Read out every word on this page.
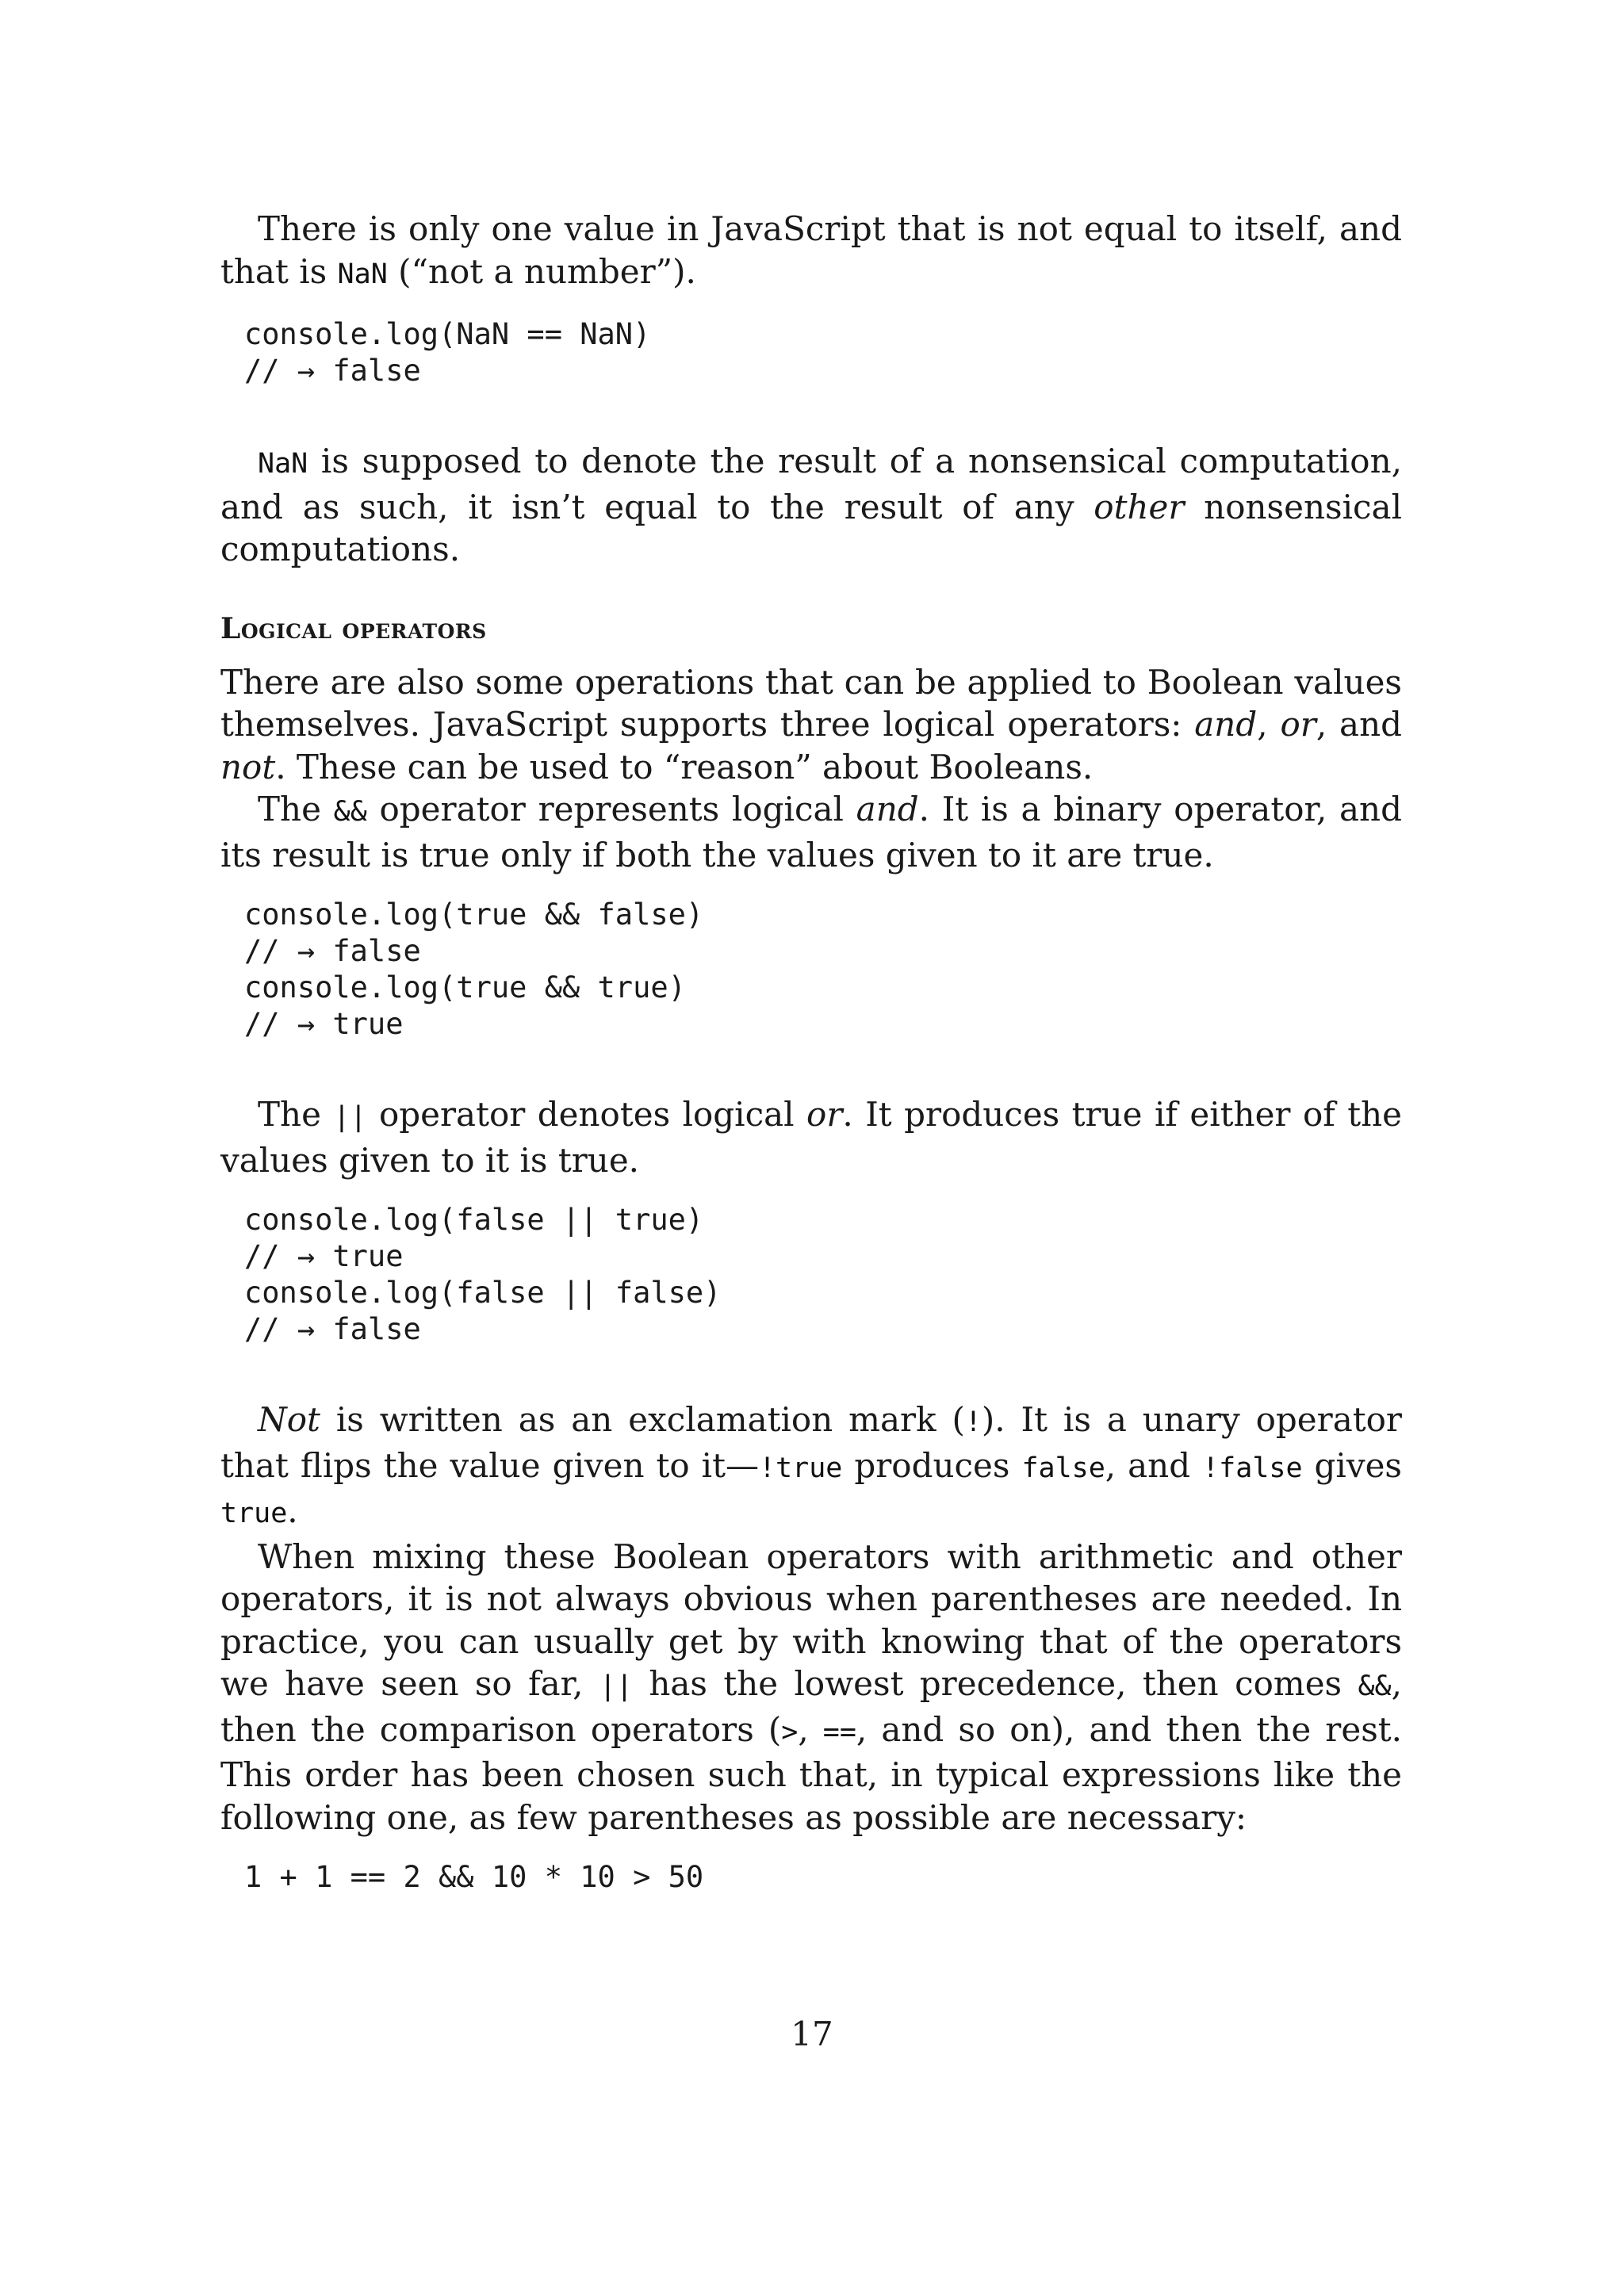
There is only one value in JavaScript that is not equal to itself, and that is NaN (“not a number”).

console.log(NaN == NaN)
// → false

NaN is supposed to denote the result of a nonsensical computation, and as such, it isn’t equal to the result of any other nonsensical computations.

Logical operators

There are also some operations that can be applied to Boolean values themselves. JavaScript supports three logical operators: and, or, and not. These can be used to “reason” about Booleans.

The && operator represents logical and. It is a binary operator, and its result is true only if both the values given to it are true.

console.log(true && false)
// → false
console.log(true && true)
// → true

The || operator denotes logical or. It produces true if either of the values given to it is true.

console.log(false || true)
// → true
console.log(false || false)
// → false

Not is written as an exclamation mark (!). It is a unary operator that flips the value given to it—!true produces false, and !false gives true.

When mixing these Boolean operators with arithmetic and other operators, it is not always obvious when parentheses are needed. In practice, you can usually get by with knowing that of the operators we have seen so far, || has the lowest precedence, then comes &&, then the comparison operators (>, ==, and so on), and then the rest. This order has been chosen such that, in typical expressions like the following one, as few parentheses as possible are necessary:

1 + 1 == 2 && 10 * 10 > 50
17
